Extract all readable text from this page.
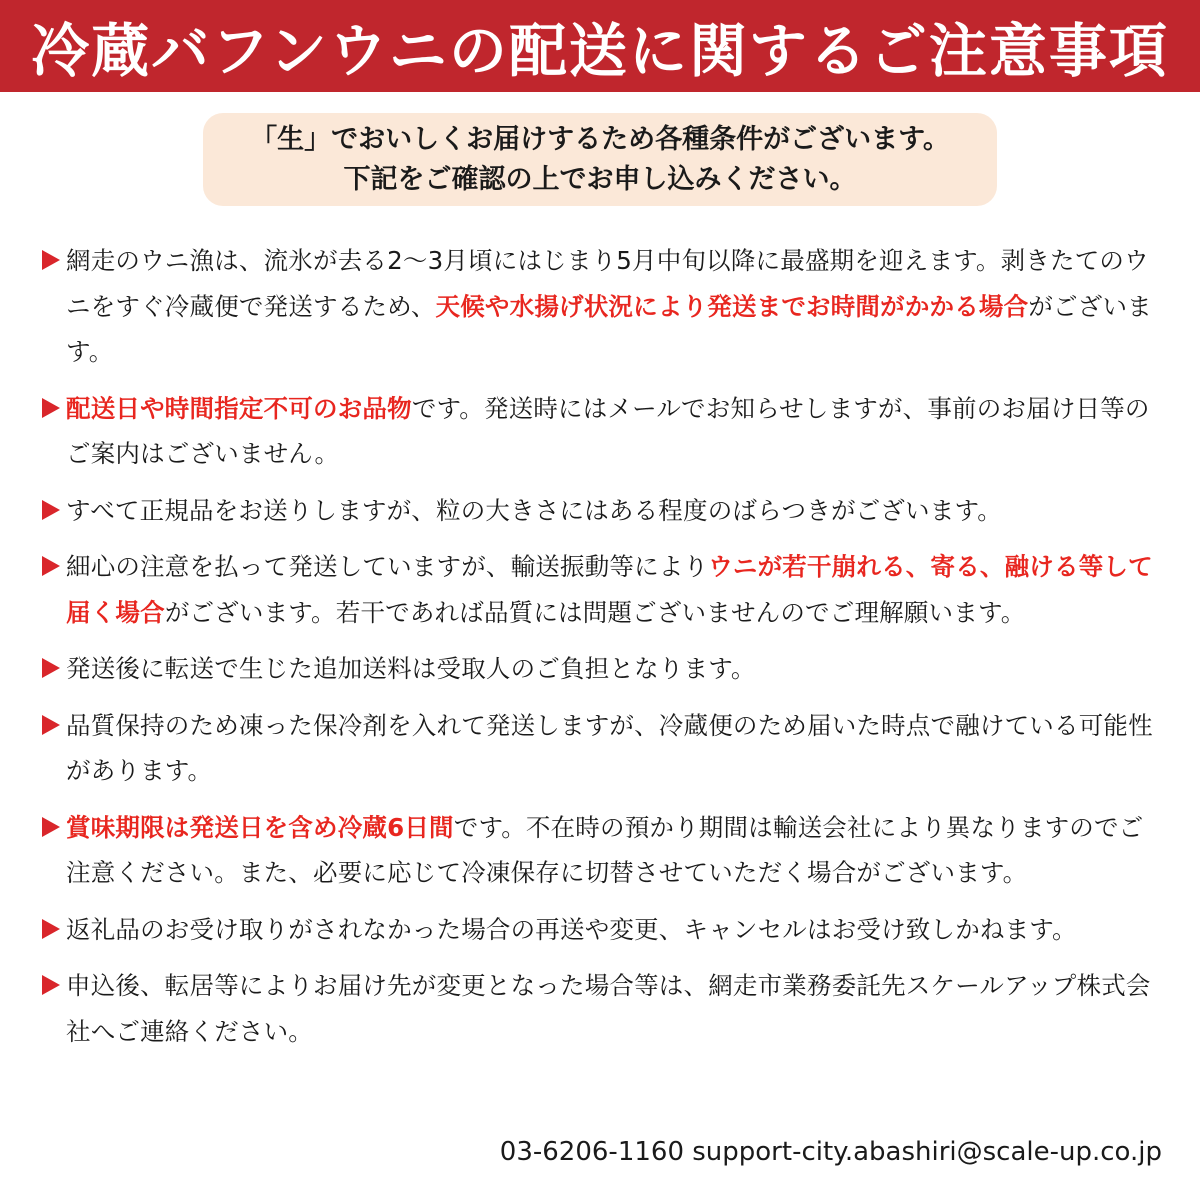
冷蔵バフンウニの配送に関するご注意事項
「生」でおいしくお届けするため各種条件がございます。
下記をご確認の上でお申し込みください。
網走のウニ漁は、流氷が去る2～3月頃にはじまり5月中旬以降に最盛期を迎えます。剥きたてのウニをすぐ冷蔵便で発送するため、天候や水揚げ状況により発送までお時間がかかる場合がございます。
配送日や時間指定不可のお品物です。発送時にはメールでお知らせしますが、事前のお届け日等のご案内はございません。
すべて正規品をお送りしますが、粒の大きさにはある程度のばらつきがございます。
細心の注意を払って発送していますが、輸送振動等によりウニが若干崩れる、寄る、融ける等して届く場合がございます。若干であれば品質には問題ございませんのでご理解願います。
発送後に転送で生じた追加送料は受取人のご負担となります。
品質保持のため凍った保冷剤を入れて発送しますが、冷蔵便のため届いた時点で融けている可能性があります。
賞味期限は発送日を含め冷蔵6日間です。不在時の預かり期間は輸送会社により異なりますのでご注意ください。また、必要に応じて冷凍保存に切替させていただく場合がございます。
返礼品のお受け取りがされなかった場合の再送や変更、キャンセルはお受け致しかねます。
申込後、転居等によりお届け先が変更となった場合等は、網走市業務委託先スケールアップ株式会社へご連絡ください。
03-6206-1160 support-city.abashiri@scale-up.co.jp
